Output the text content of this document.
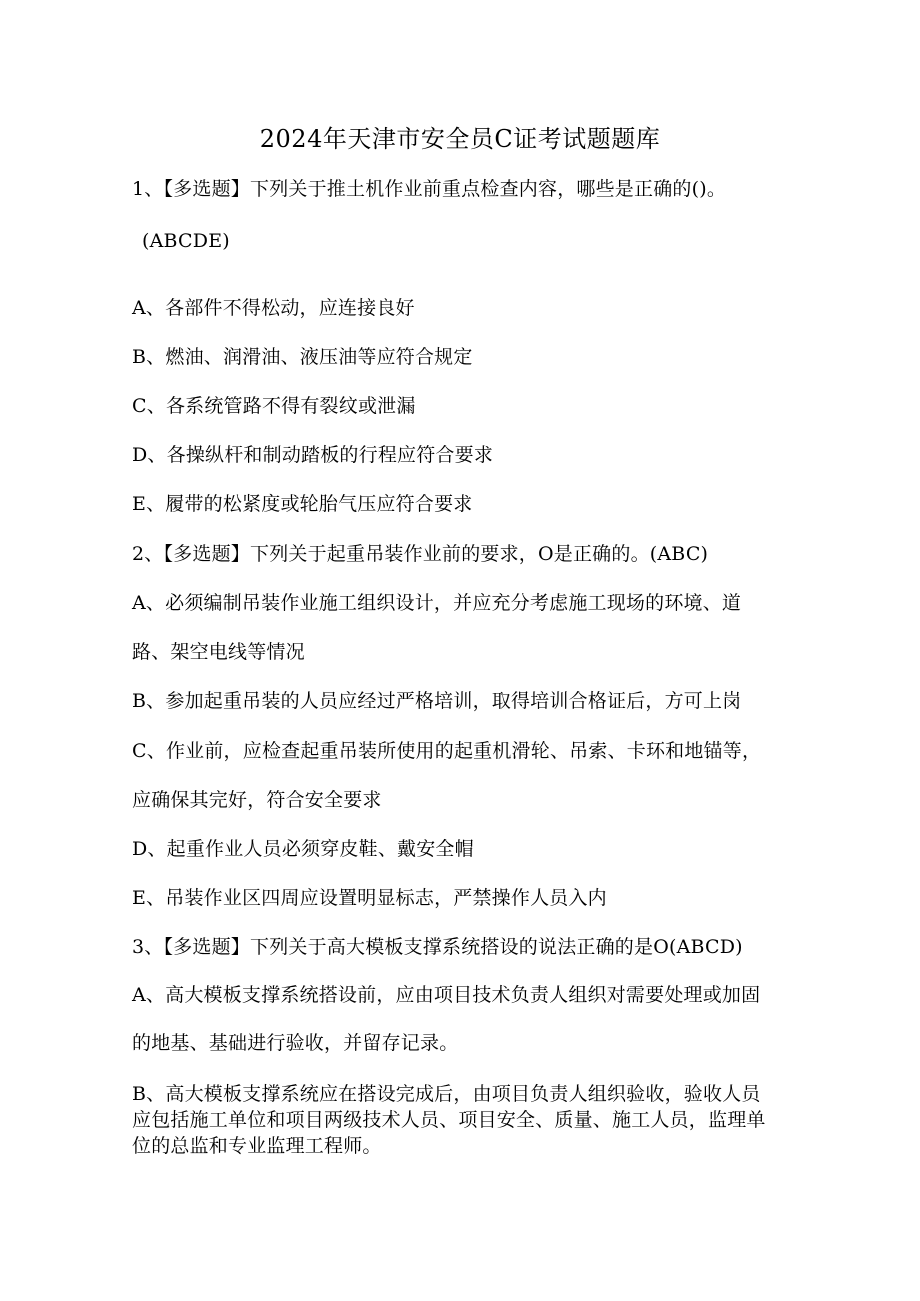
2024年天津市安全员C证考试题题库
1、【多选题】下列关于推土机作业前重点检查内容，哪些是正确的()。
(ABCDE)
A、各部件不得松动，应连接良好
B、燃油、润滑油、液压油等应符合规定
C、各系统管路不得有裂纹或泄漏
D、各操纵杆和制动踏板的行程应符合要求
E、履带的松紧度或轮胎气压应符合要求
2、【多选题】下列关于起重吊装作业前的要求，O是正确的。(ABC)
A、必须编制吊装作业施工组织设计，并应充分考虑施工现场的环境、道
路、架空电线等情况
B、参加起重吊装的人员应经过严格培训，取得培训合格证后，方可上岗
C、作业前，应检查起重吊装所使用的起重机滑轮、吊索、卡环和地锚等，
应确保其完好，符合安全要求
D、起重作业人员必须穿皮鞋、戴安全帽
E、吊装作业区四周应设置明显标志，严禁操作人员入内
3、【多选题】下列关于高大模板支撑系统搭设的说法正确的是O(ABCD)
A、高大模板支撑系统搭设前，应由项目技术负责人组织对需要处理或加固
的地基、基础进行验收，并留存记录。
B、高大模板支撑系统应在搭设完成后，由项目负责人组织验收，验收人员
应包括施工单位和项目两级技术人员、项目安全、质量、施工人员，监理单
位的总监和专业监理工程师。
